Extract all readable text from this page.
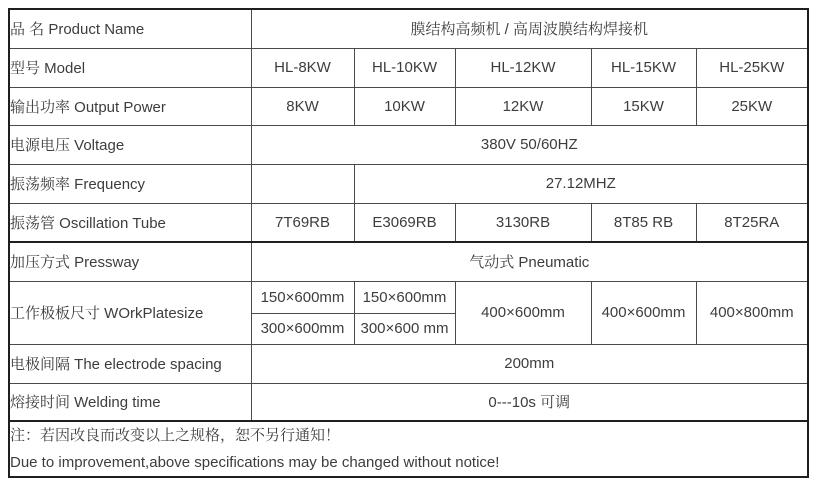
品 名 Product Name	膜结构高频机 / 高周波膜结构焊接机				
型号 Model	HL-8KW	HL-10KW	HL-12KW	HL-15KW	HL-25KW
输出功率 Output Power	8KW	10KW	12KW	15KW	25KW
电源电压 Voltage	380V 50/60HZ				
振荡频率 Frequency		27.12MHZ			
振荡管 Oscillation Tube	7T69RB	E3069RB	3130RB	8T85 RB	8T25RA
加压方式 Pressway	气动式 Pneumatic				
工作极板尺寸 WOrkPlatesize	150×600mm	150×600mm	400×600mm	400×600mm	400×800mm
	300×600mm	300×600 mm			
电极间隔 The electrode spacing	200mm				
熔接时间 Welding time	0---10s 可调				

注：若因改良而改变以上之规格，恕不另行通知！
Due to improvement,above specifications may be changed without notice!					
